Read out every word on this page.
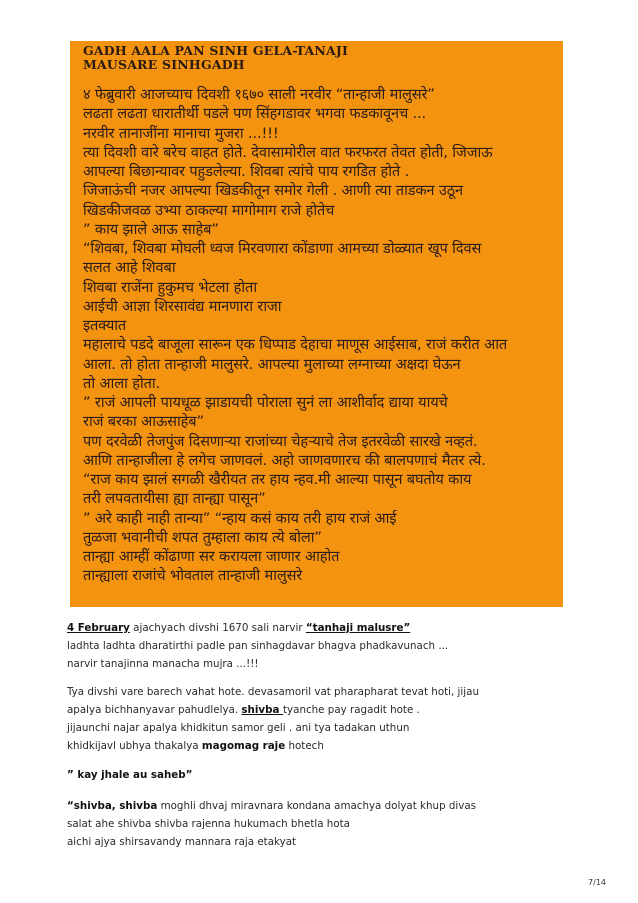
GADH AALA PAN SINH GELA-TANAJI
MAUSARE SINHGADH
४ फेब्रुवारी आजच्याच दिवशी १६७० साली नरवीर “तान्हाजी मालुसरे”
लढता लढता धारातीर्थी पडले पण सिंहगडावर भगवा फडकावूनच ...
नरवीर तानाजींना मानाचा मुजरा ...!!!
त्या दिवशी वारे बरेच वाहत होते. देवासामोरील वात फरफरत तेवत होती, जिजाऊ
आपल्या बिछान्यावर पहुडलेल्या. शिवबा त्यांचे पाय रगडित होते .
जिजाऊंची नजर आपल्या खिडकीतून समोर गेली . आणी त्या ताडकन उठून
खिडकीजवळ उभ्या ठाकल्या मागोमाग राजे होतेच
” काय झाले आऊ साहेब”
“शिवबा, शिवबा मोघली ध्वज मिरवणारा कोंडाणा आमच्या डोळ्यात खूप दिवस
सलत आहे शिवबा
शिवबा राजेंना हुकुमच भेटला होता
आईची आज्ञा शिरसावंद्य मानणारा राजा
इतक्यात
महालाचे पडदे बाजूला सारून एक धिप्पाड देहाचा माणूस आईसाब, राजं करीत आत
आला. तो होता तान्हाजी मालुसरे. आपल्या मुलाच्या लग्नाच्या अक्षदा घेऊन
तो आला होता.
” राजं आपली पायधूळ झाडायची पोराला सुनं ला आशीर्वाद द्याया यायचे
राजं बरका आऊसाहेब”
पण दरवेळी तेजपुंज दिसणाऱ्या राजांच्या चेहऱ्याचे तेज इतरवेळी सारखे नव्हतं.
आणि तान्हाजीला हे लगेच जाणवलं. अहो जाणवणारच की बालपणाचं मैतर त्ये.
“राज काय झालं सगळी खैरीयत तर हाय न्हव.मी आल्या पासून बघतोय काय
तरी लपवतायीसा ह्या तान्ह्या पासून”
” अरे काही नाही तान्या” “न्हाय कसं काय तरी हाय राजं आई
तुळजा भवानीची शपत तुम्हाला काय त्ये बोला”
तान्ह्या आम्हीं कोंढाणा सर करायला जाणार आहोत
तान्ह्याला राजांचे भोवताल तान्हाजी मालुसरे
4 February ajachyach divshi 1670 sali narvir “tanhaji malusre”
ladhta ladhta dharatirthi padle pan sinhagdavar bhagva phadkavunach ...
narvir tanajinna manacha mujra ...!!!
Tya divshi vare barech vahat hote. devasamoril vat pharapharat tevat hoti, jijau
apalya bichhanyavar pahudlelya. shivba tyanche pay ragadit hote .
jijaunchi najar apalya khidkitun samor geli . ani tya tadakan uthun
khidkijavl ubhya thakalya magomag raje hotech
” kay jhale au saheb”
“shivba, shivba moghli dhvaj miravnara kondana amachya dolyat khup divas
salat ahe shivba shivba rajenna hukumach bhetla hota
aichi ajya shirsavandy mannara raja etakyat
7/14
